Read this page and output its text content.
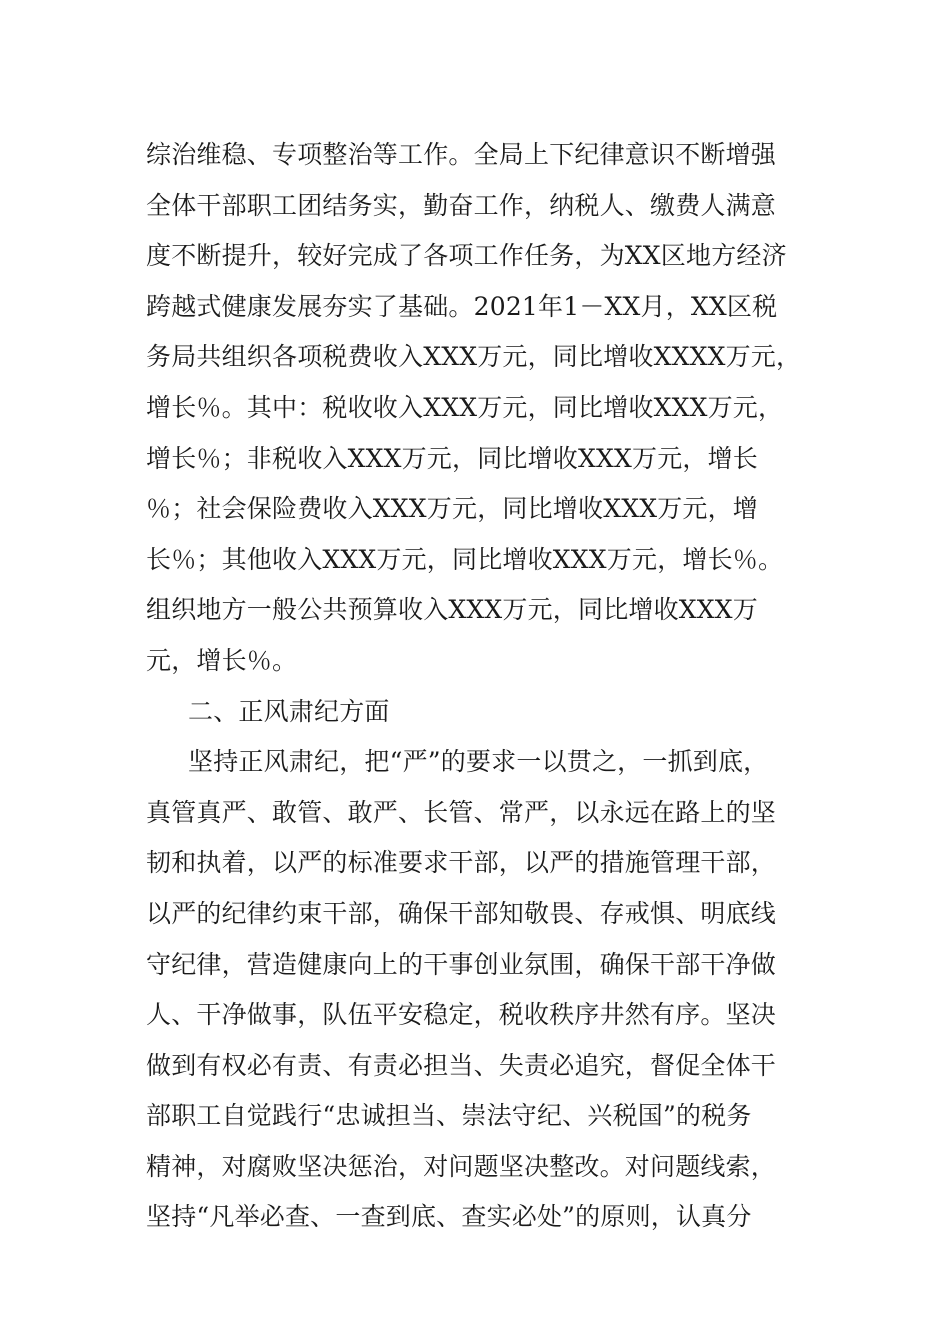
综治维稳、专项整治等工作。全局上下纪律意识不断增强
全体干部职工团结务实，勤奋工作，纳税人、缴费人满意
度不断提升，较好完成了各项工作任务，为XX区地方经济
跨越式健康发展夯实了基础。2021年1－XX月，XX区税
务局共组织各项税费收入XXX万元，同比增收XXXX万元，
增长％。其中：税收收入XXX万元，同比增收XXX万元，
增长％；非税收入XXX万元，同比增收XXX万元，增长
％；社会保险费收入XXX万元，同比增收XXX万元，增
长％；其他收入XXX万元，同比增收XXX万元，增长％。
组织地方一般公共预算收入XXX万元，同比增收XXX万
元，增长％。
二、正风肃纪方面
坚持正风肃纪，把“严”的要求一以贯之，一抓到底，
真管真严、敢管、敢严、长管、常严，以永远在路上的坚
韧和执着，以严的标准要求干部，以严的措施管理干部，
以严的纪律约束干部，确保干部知敬畏、存戒惧、明底线
守纪律，营造健康向上的干事创业氛围，确保干部干净做
人、干净做事，队伍平安稳定，税收秩序井然有序。坚决
做到有权必有责、有责必担当、失责必追究，督促全体干
部职工自觉践行“忠诚担当、崇法守纪、兴税国”的税务
精神，对腐败坚决惩治，对问题坚决整改。对问题线索，
坚持“凡举必查、一查到底、查实必处”的原则，认真分
